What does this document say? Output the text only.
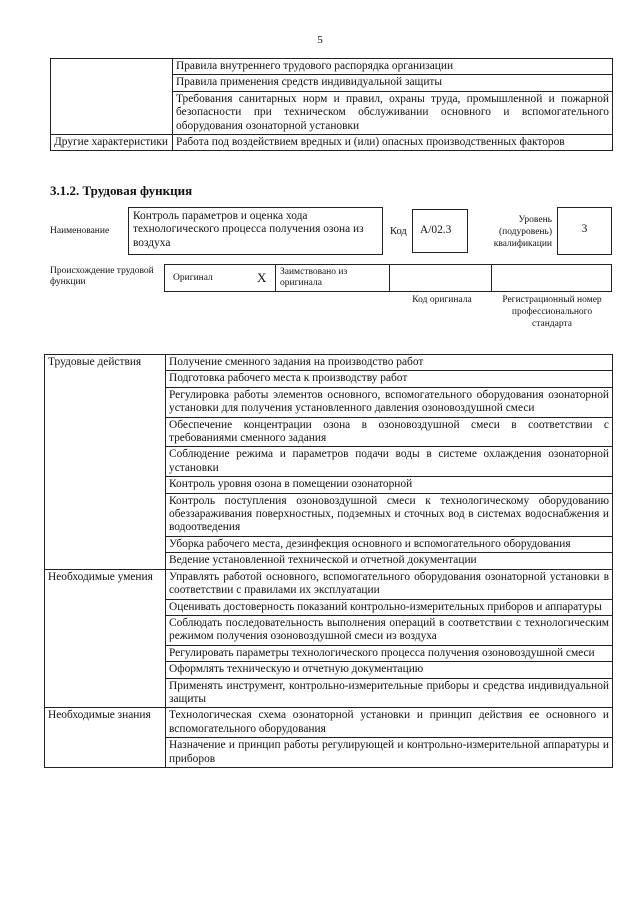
5
	Правила внутреннего трудового распорядка организации
	Правила применения средств индивидуальной защиты
	Требования санитарных норм и правил, охраны труда, промышленной и пожарной безопасности при техническом обслуживании основного и вспомогательного оборудования озонаторной установки
Другие характеристики	Работа под воздействием вредных и (или) опасных производственных факторов
3.1.2. Трудовая функция
Наименование
Контроль параметров и оценка хода технологического процесса получения озона из воздуха
Код	А/02.3
Уровень (подуровень) квалификации
3
Происхождение трудовой функции	Оригинал	X	Заимствовано из оригинала
Код оригинала	Регистрационный номер профессионального стандарта
Трудовые действия	Получение сменного задания на производство работ
	Подготовка рабочего места к производству работ
	Регулировка работы элементов основного, вспомогательного оборудования озонаторной установки для получения установленного давления озоновоздушной смеси
	Обеспечение концентрации озона в озоновоздушной смеси в соответствии с требованиями сменного задания
	Соблюдение режима и параметров подачи воды в системе охлаждения озонаторной установки
	Контроль уровня озона в помещении озонаторной
	Контроль поступления озоновоздушной смеси к технологическому оборудованию обеззараживания поверхностных, подземных и сточных вод в системах водоснабжения и водоотведения
	Уборка рабочего места, дезинфекция основного и вспомогательного оборудования
	Ведение установленной технической и отчетной документации
Необходимые умения	Управлять работой основного, вспомогательного оборудования озонаторной установки в соответствии с правилами их эксплуатации
	Оценивать достоверность показаний контрольно-измерительных приборов и аппаратуры
	Соблюдать последовательность выполнения операций в соответствии с технологическим режимом получения озоновоздушной смеси из воздуха
	Регулировать параметры технологического процесса получения озоновоздушной смеси
	Оформлять техническую и отчетную документацию
	Применять инструмент, контрольно-измерительные приборы и средства индивидуальной защиты
Необходимые знания	Технологическая схема озонаторной установки и принцип действия ее основного и вспомогательного оборудования
	Назначение и принцип работы регулирующей и контрольно-измерительной аппаратуры и приборов
